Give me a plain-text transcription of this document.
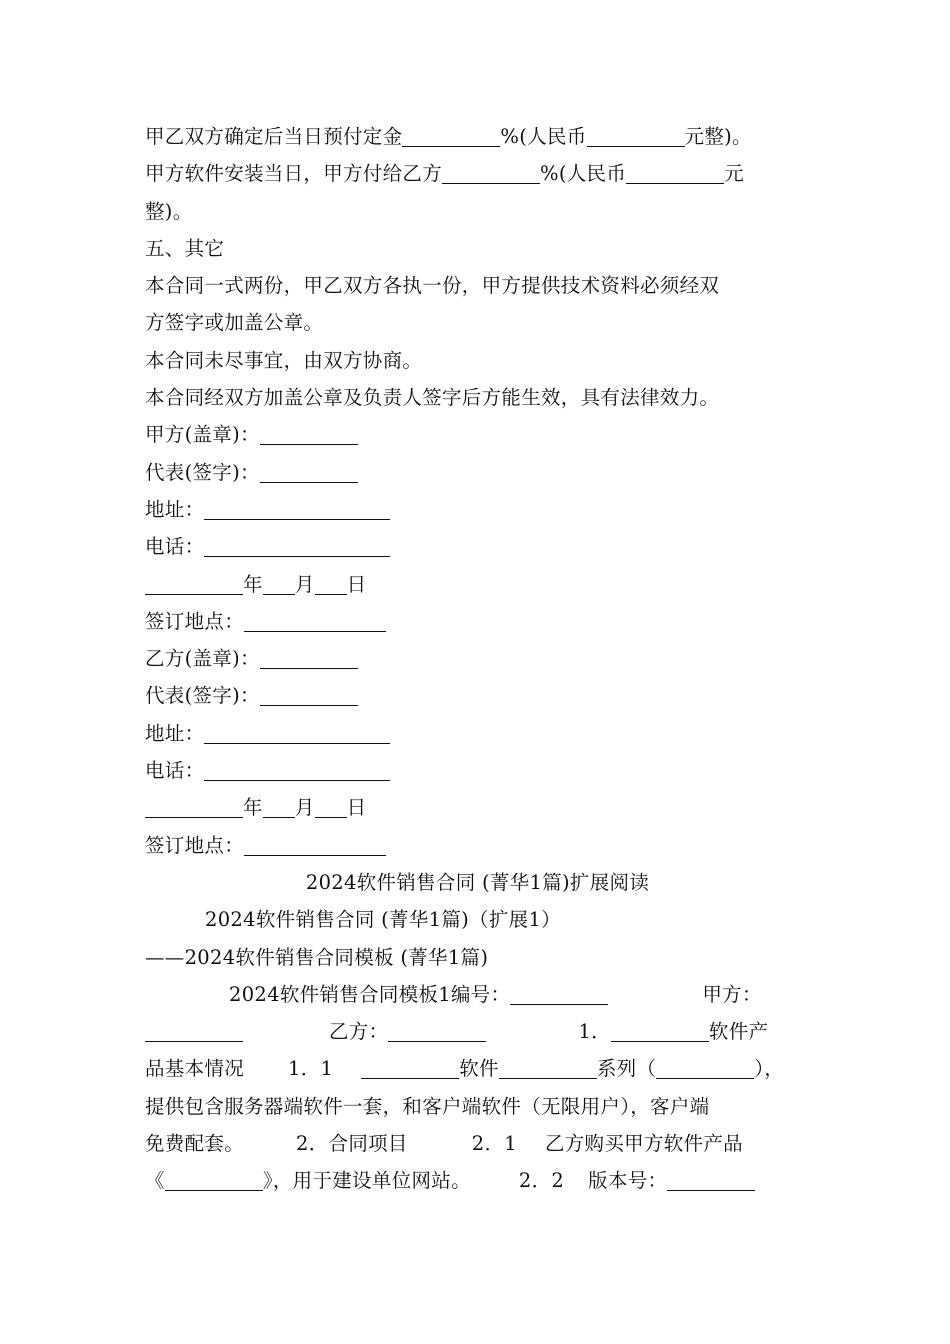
甲乙双方确定后当日预付定金	%(人民币	元整)。
甲方软件安装当日，甲方付给乙方	%(人民币	元
整)。
五、其它
本合同一式两份，甲乙双方各执一份，甲方提供技术资料必须经双
方签字或加盖公章。
本合同未尽事宜，由双方协商。
本合同经双方加盖公章及负责人签字后方能生效，具有法律效力。
甲方(盖章)：
代表(签字)：
地址：
电话：
年 月 日
签订地点：
乙方(盖章)：
代表(签字)：
地址：
电话：
年 月 日
签订地点：
2024软件销售合同 (菁华1篇)扩展阅读
2024软件销售合同 (菁华1篇)（扩展1）
——2024软件销售合同模板 (菁华1篇)
2024软件销售合同模板1编号：	甲方：
乙方：	1．	软件产
品基本情况 1．1	软件	系列（	），
提供包含服务器端软件一套，和客户端软件（无限用户），客户端
免费配套。	2．合同项目	2．1 乙方购买甲方软件产品
《	》，用于建设单位网站。 2．2 版本号：
